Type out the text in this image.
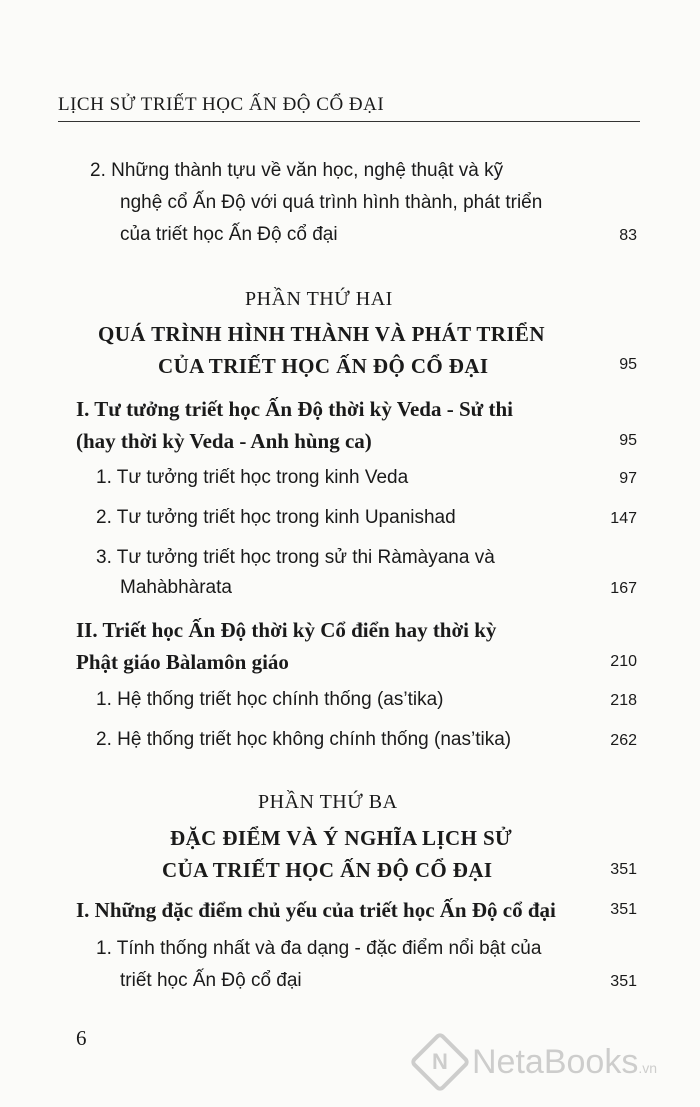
LỊCH SỬ TRIẾT HỌC ẤN ĐỘ CỔ ĐẠI
2. Những thành tựu về văn học, nghệ thuật và kỹ
nghệ cổ Ấn Độ với quá trình hình thành, phát triển
của triết học Ấn Độ cổ đại	83
PHẦN THỨ HAI
QUÁ TRÌNH HÌNH THÀNH VÀ PHÁT TRIỂN
CỦA TRIẾT HỌC ẤN ĐỘ CỔ ĐẠI	95
I. Tư tưởng triết học Ấn Độ thời kỳ Veda - Sử thi
(hay thời kỳ Veda - Anh hùng ca)	95
1. Tư tưởng triết học trong kinh Veda	97
2. Tư tưởng triết học trong kinh Upanishad	147
3. Tư tưởng triết học trong sử thi Ràmàyana và
Mahàbhàrata	167
II. Triết học Ấn Độ thời kỳ Cổ điển hay thời kỳ
Phật giáo Bàlamôn giáo	210
1. Hệ thống triết học chính thống (as’tika)	218
2. Hệ thống triết học không chính thống (nas’tika)	262
PHẦN THỨ BA
ĐẶC ĐIỂM VÀ Ý NGHĨA LỊCH SỬ
CỦA TRIẾT HỌC ẤN ĐỘ CỔ ĐẠI	351
I. Những đặc điểm chủ yếu của triết học Ấn Độ cổ đại	351
1. Tính thống nhất và đa dạng - đặc điểm nổi bật của
triết học Ấn Độ cổ đại	351
6
N NetaBooks.vn
